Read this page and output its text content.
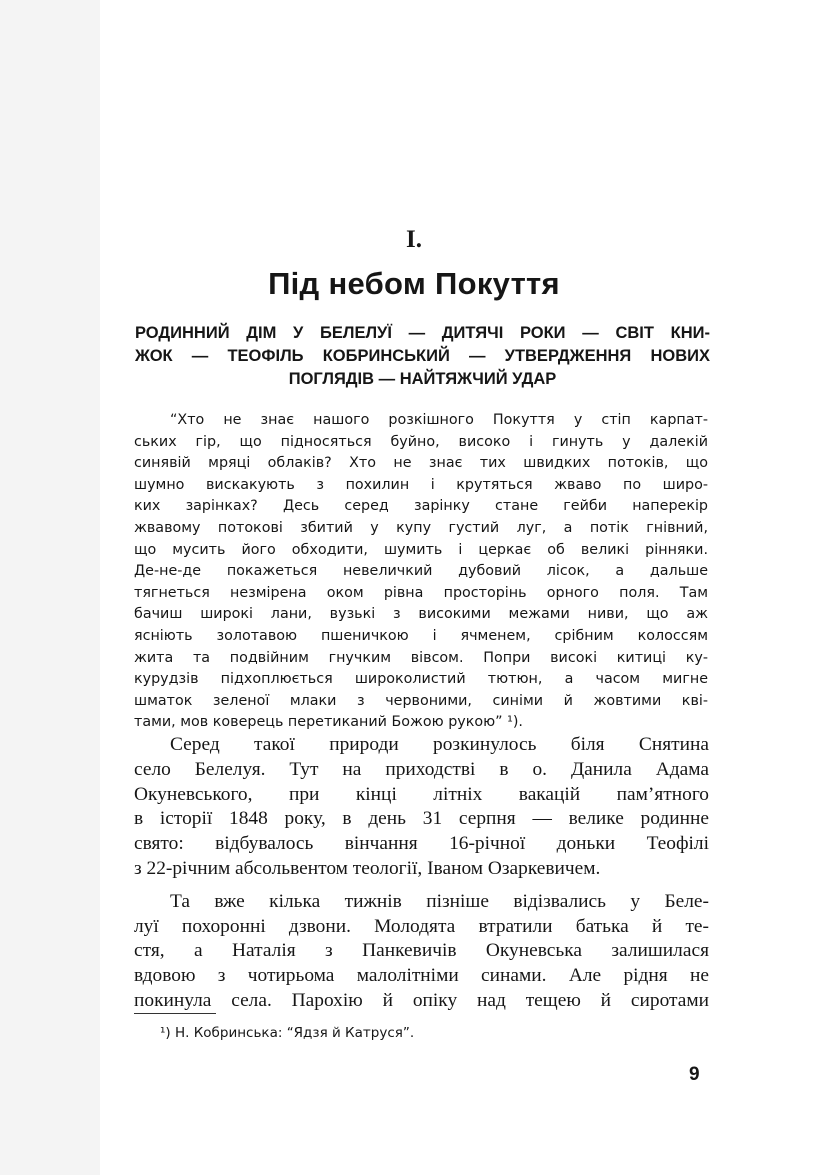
I.
Під небом Покуття
РОДИННИЙ ДІМ У БЕЛЕЛУЇ — ДИТЯЧІ РОКИ — СВІТ КНИ-
ЖОК — ТЕОФІЛЬ КОБРИНСЬКИЙ — УТВЕРДЖЕННЯ НОВИХ
ПОГЛЯДІВ — НАЙТЯЖЧИЙ УДАР
“Хто не знає нашого розкішного Покуття у стіп карпат-
ських гір, що підносяться буйно, високо і гинуть у далекій
синявій мряці облаків? Хто не знає тих швидких потоків, що
шумно вискакують з похилин і крутяться жваво по широ-
ких зарінках? Десь серед зарінку стане гейби наперекір
жвавому потокові збитий у купу густий луг, а потік гнівний,
що мусить його обходити, шумить і церкає об великі рінняки.
Де-не-де покажеться невеличкий дубовий лісок, а дальше
тягнеться незмірена оком рівна просторінь орного поля. Там
бачиш широкі лани, вузькі з високими межами ниви, що аж
ясніють золотавою пшеничкою і ячменем, срібним колоссям
жита та подвійним гнучким вівсом. Попри високі китиці ку-
курудзів підхоплюється широколистий тютюн, а часом мигне
шматок зеленої млаки з червоними, синіми й жовтими кві-
тами, мов коверець перетиканий Божою рукою” ¹).
Серед такої природи розкинулось біля Снятина
село Белелуя. Тут на приходстві в о. Данила Адама
Окуневського, при кінці літніх вакацій пам’ятного
в історії 1848 року, в день 31 серпня — велике родинне
свято: відбувалось вінчання 16-річної доньки Теофілі
з 22-річним абсольвентом теології, Іваном Озаркевичем.
Та вже кілька тижнів пізніше відізвались у Беле-
луї похоронні дзвони. Молодята втратили батька й те-
стя, а Наталія з Панкевичів Окуневська залишилася
вдовою з чотирьома малолітніми синами. Але рідня не
покинула села. Парохію й опіку над тещею й сиротами
¹) Н. Кобринська: “Ядзя й Катруся”.
9
